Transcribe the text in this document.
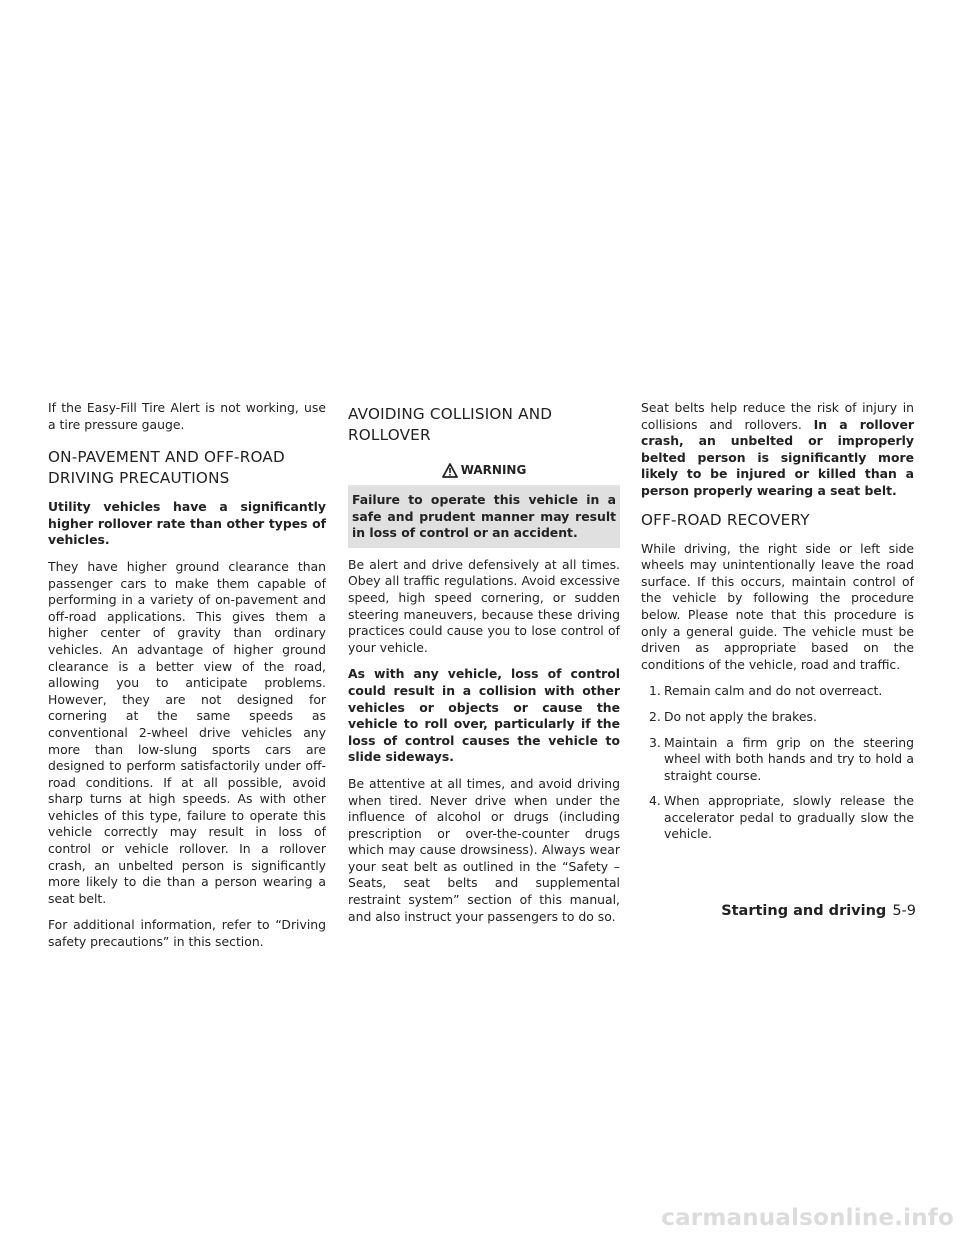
If the Easy-Fill Tire Alert is not working, use a tire pressure gauge.

ON-PAVEMENT AND OFF-ROAD DRIVING PRECAUTIONS

Utility vehicles have a significantly higher rollover rate than other types of vehicles.

They have higher ground clearance than passenger cars to make them capable of performing in a variety of on-pavement and off-road applications. This gives them a higher center of gravity than ordinary vehicles. An advantage of higher ground clearance is a better view of the road, allowing you to anticipate problems. However, they are not designed for cornering at the same speeds as conventional 2-wheel drive vehicles any more than low-slung sports cars are designed to perform satisfactorily under off-road conditions. If at all possible, avoid sharp turns at high speeds. As with other vehicles of this type, failure to operate this vehicle correctly may result in loss of control or vehicle rollover. In a rollover crash, an unbelted person is significantly more likely to die than a person wearing a seat belt.

For additional information, refer to “Driving safety precautions” in this section.

AVOIDING COLLISION AND ROLLOVER
WARNING
Failure to operate this vehicle in a safe and prudent manner may result in loss of control or an accident.

Be alert and drive defensively at all times. Obey all traffic regulations. Avoid excessive speed, high speed cornering, or sudden steering maneuvers, because these driving practices could cause you to lose control of your vehicle.

As with any vehicle, loss of control could result in a collision with other vehicles or objects or cause the vehicle to roll over, particularly if the loss of control causes the vehicle to slide sideways.

Be attentive at all times, and avoid driving when tired. Never drive when under the influence of alcohol or drugs (including prescription or over-the-counter drugs which may cause drowsiness). Always wear your seat belt as outlined in the “Safety – Seats, seat belts and supplemental restraint system” section of this manual, and also instruct your passengers to do so.

Seat belts help reduce the risk of injury in collisions and rollovers. In a rollover crash, an unbelted or improperly belted person is significantly more likely to be injured or killed than a person properly wearing a seat belt.

OFF-ROAD RECOVERY

While driving, the right side or left side wheels may unintentionally leave the road surface. If this occurs, maintain control of the vehicle by following the procedure below. Please note that this procedure is only a general guide. The vehicle must be driven as appropriate based on the conditions of the vehicle, road and traffic.

1. Remain calm and do not overreact.
2. Do not apply the brakes.
3. Maintain a firm grip on the steering wheel with both hands and try to hold a straight course.
4. When appropriate, slowly release the accelerator pedal to gradually slow the vehicle.
Starting and driving 5-9
carmanualsonline.info
